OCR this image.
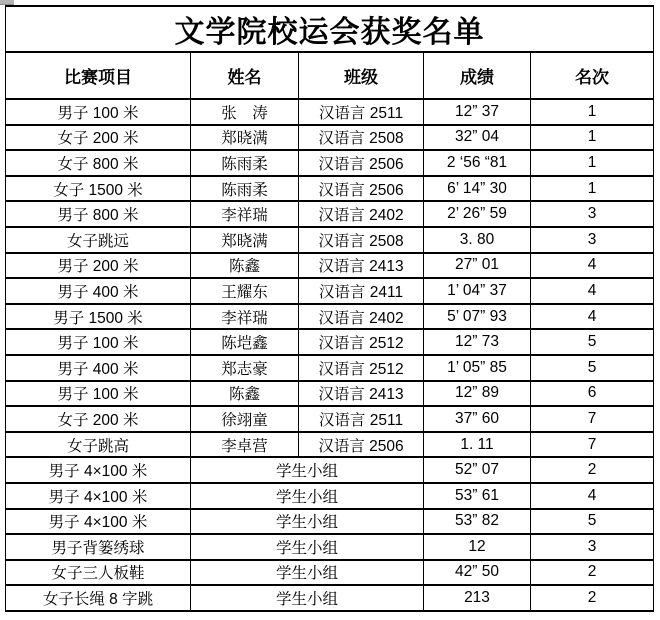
文学院校运会获奖名单				
比赛项目	姓名	班级	成绩	名次
男子 100 米	张　涛	汉语言 2511	12” 37	1
女子 200 米	郑晓满	汉语言 2508	32” 04	1
女子 800 米	陈雨柔	汉语言 2506	2 ‘56 “81	1
女子 1500 米	陈雨柔	汉语言 2506	6’ 14” 30	1
男子 800 米	李祥瑞	汉语言 2402	2’ 26” 59	3
女子跳远	郑晓满	汉语言 2508	3. 80	3
男子 200 米	陈鑫	汉语言 2413	27” 01	4
男子 400 米	王耀东	汉语言 2411	1’ 04” 37	4
男子 1500 米	李祥瑞	汉语言 2402	5’ 07” 93	4
男子 100 米	陈垲鑫	汉语言 2512	12” 73	5
男子 400 米	郑志豪	汉语言 2512	1’ 05” 85	5
男子 100 米	陈鑫	汉语言 2413	12” 89	6
女子 200 米	徐翊童	汉语言 2511	37” 60	7
女子跳高	李卓营	汉语言 2506	1. 11	7
男子 4×100 米	学生小组		52” 07	2
男子 4×100 米	学生小组		53” 61	4
男子 4×100 米	学生小组		53” 82	5
男子背篓绣球	学生小组		12	3
女子三人板鞋	学生小组		42” 50	2
女子长绳 8 字跳	学生小组		213	2
